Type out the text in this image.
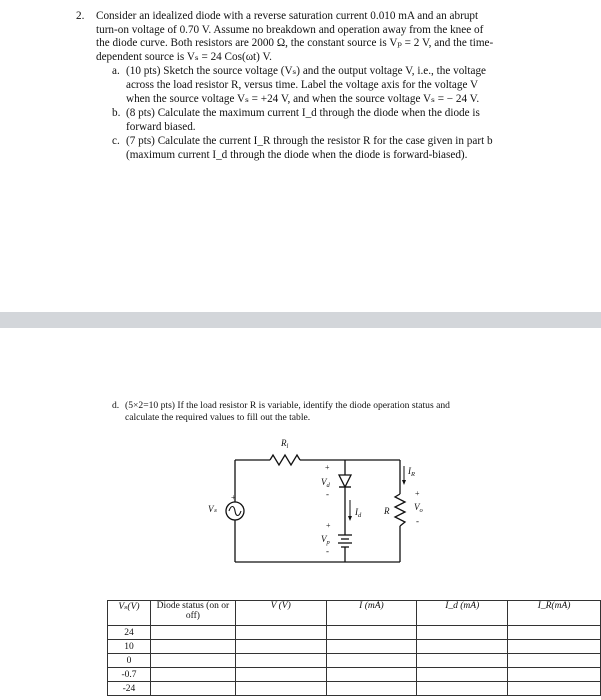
2. Consider an idealized diode with a reverse saturation current 0.010 mA and an abrupt
turn-on voltage of 0.70 V. Assume no breakdown and operation away from the knee of
the diode curve. Both resistors are 2000 Ω, the constant source is Vₚ = 2 V, and the time-
dependent source is Vₛ = 24 Cos(ωt) V.
a. (10 pts) Sketch the source voltage (Vₛ) and the output voltage V, i.e., the voltage
across the load resistor R, versus time. Label the voltage axis for the voltage V
when the source voltage Vₛ = +24 V, and when the source voltage Vₛ = − 24 V.
b. (8 pts) Calculate the maximum current I_d through the diode when the diode is
forward biased.
c. (7 pts) Calculate the current I_R through the resistor R for the case given in part b
(maximum current I_d through the diode when the diode is forward-biased).
d. (5×2=10 pts) If the load resistor R is variable, identify the diode operation status and
calculate the required values to fill out the table.
$R_l$
Vₛ
+
+
$V_d$
-
$I_d$
+
$V_p$
-
R
$I_R$
+
$V_o$
-
Vₛ(V)	Diode status (on or off)	V (V)	I (mA)	I_d (mA)	I_R(mA)
24					
10					
0					
-0.7					
-24					
